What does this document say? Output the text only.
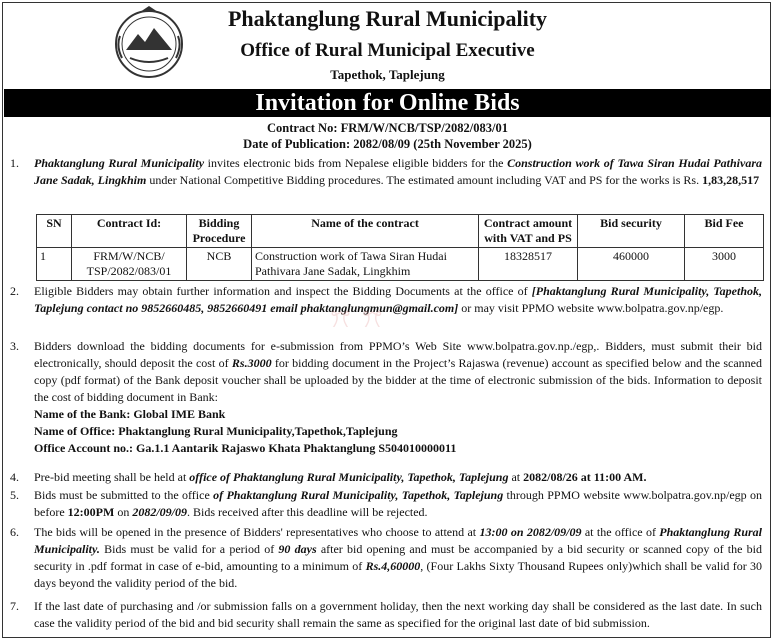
Phaktanglung Rural Municipality
Office of Rural Municipal Executive
Tapethok, Taplejung
Invitation for Online Bids
Contract No: FRM/W/NCB/TSP/2082/083/01
Date of Publication: 2082/08/09 (25th November 2025)
1. Phaktanglung Rural Municipality invites electronic bids from Nepalese eligible bidders for the Construction work of Tawa Siran Hudai Pathivara Jane Sadak, Lingkhim under National Competitive Bidding procedures. The estimated amount including VAT and PS for the works is Rs. 1,83,28,517
SN	Contract Id:	Bidding Procedure	Name of the contract	Contract amount with VAT and PS	Bid security	Bid Fee
1	FRM/W/NCB/ TSP/2082/083/01	NCB	Construction work of Tawa Siran Hudai Pathivara Jane Sadak, Lingkhim	18328517	460000	3000
2. Eligible Bidders may obtain further information and inspect the Bidding Documents at the office of [Phaktanglung Rural Municipality, Tapethok, Taplejung contact no 9852660485, 9852660491 email phaktanglungmun@gmail.com] or may visit PPMO website www.bolpatra.gov.np/egp.
ꔫ ꔫ
3. Bidders download the bidding documents for e-submission from PPMO’s Web Site www.bolpatra.gov.np./egp,. Bidders, must submit their bid electronically, should deposit the cost of Rs.3000 for bidding document in the Project’s Rajaswa (revenue) account as specified below and the scanned copy (pdf format) of the Bank deposit voucher shall be uploaded by the bidder at the time of electronic submission of the bids. Information to deposit the cost of bidding document in Bank:
Name of the Bank: Global IME Bank
Name of Office: Phaktanglung Rural Municipality,Tapethok,Taplejung
Office Account no.: Ga.1.1 Aantarik Rajaswo Khata Phaktanglung S504010000011
4. Pre-bid meeting shall be held at office of Phaktanglung Rural Municipality, Tapethok, Taplejung at 2082/08/26 at 11:00 AM.
5. Bids must be submitted to the office of Phaktanglung Rural Municipality, Tapethok, Taplejung through PPMO website www.bolpatra.gov.np/egp on before 12:00PM on 2082/09/09. Bids received after this deadline will be rejected.
6. The bids will be opened in the presence of Bidders' representatives who choose to attend at 13:00 on 2082/09/09 at the office of Phaktanglung Rural Municipality. Bids must be valid for a period of 90 days after bid opening and must be accompanied by a bid security or scanned copy of the bid security in .pdf format in case of e-bid, amounting to a minimum of Rs.4,60000, (Four Lakhs Sixty Thousand Rupees only)which shall be valid for 30 days beyond the validity period of the bid.
7. If the last date of purchasing and /or submission falls on a government holiday, then the next working day shall be considered as the last date. In such case the validity period of the bid and bid security shall remain the same as specified for the original last date of bid submission.
